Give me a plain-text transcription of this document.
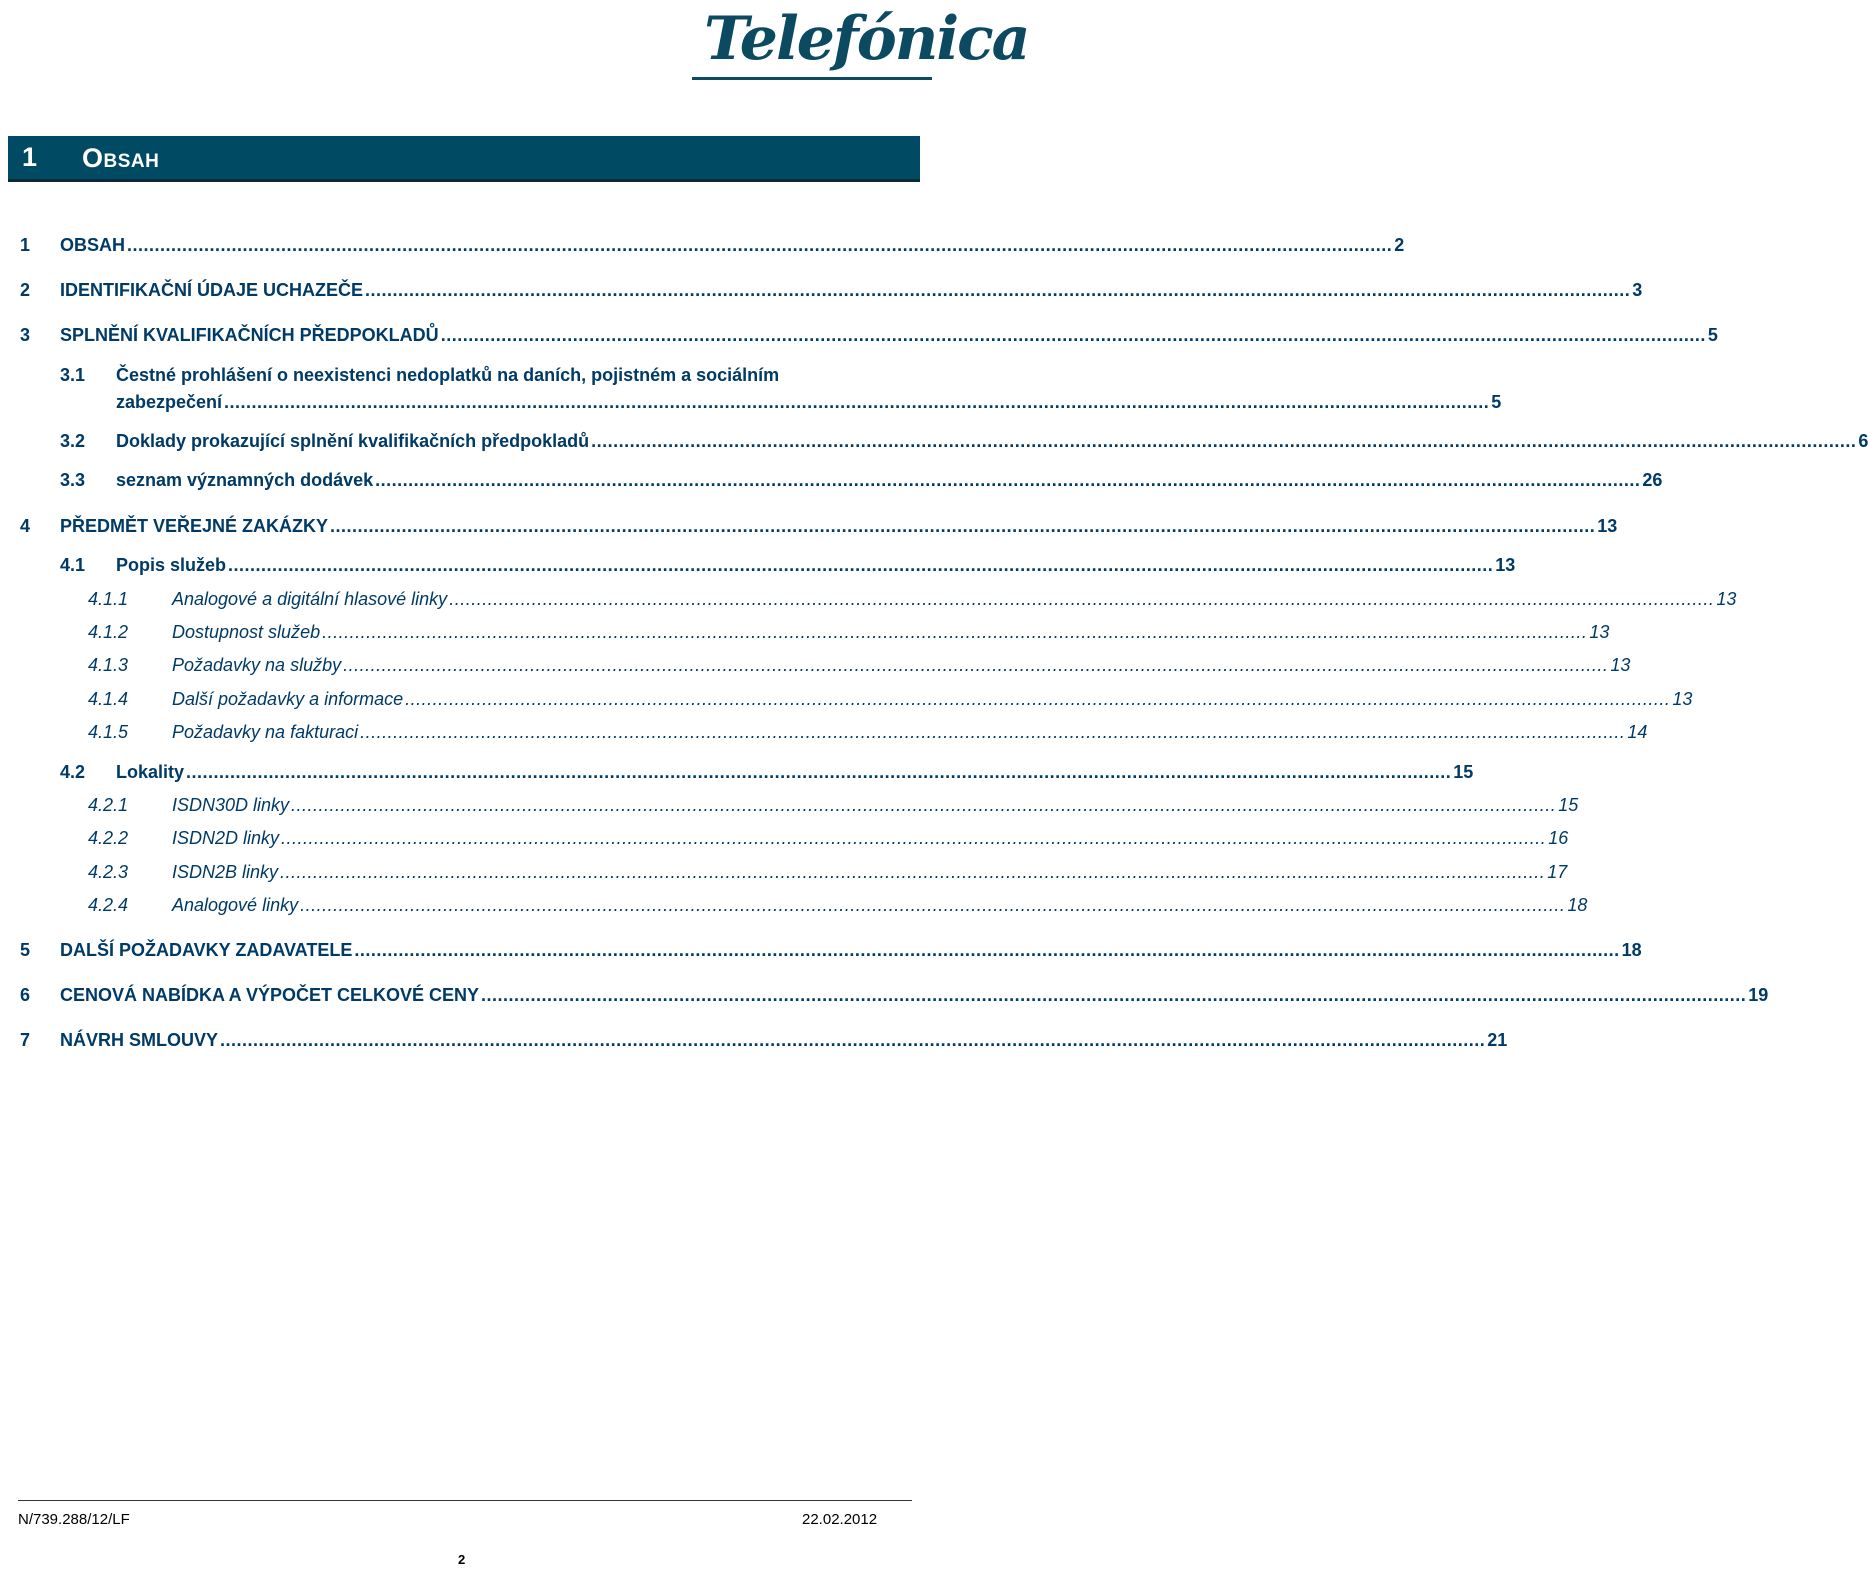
Telefónica
1 Obsah
1 OBSAH .....	2
2 IDENTIFIKAČNÍ ÚDAJE UCHAZEČE .....	3
3 SPLNĚNÍ KVALIFIKAČNÍCH PŘEDPOKLADŮ .....	5
3.1 Čestné prohlášení o neexistenci nedoplatků na daních, pojistném a sociálním
zabezpečení .....	5
3.2 Doklady prokazující splnění kvalifikačních předpokladů .....	6
3.3 seznam významných dodávek .....	26
4 PŘEDMĚT VEŘEJNÉ ZAKÁZKY .....	13
4.1 Popis služeb .....	13
4.1.1 Analogové a digitální hlasové linky .....	13
4.1.2 Dostupnost služeb .....	13
4.1.3 Požadavky na služby .....	13
4.1.4 Další požadavky a informace .....	13
4.1.5 Požadavky na fakturaci .....	14
4.2 Lokality .....	15
4.2.1 ISDN30D linky .....	15
4.2.2 ISDN2D linky .....	16
4.2.3 ISDN2B linky .....	17
4.2.4 Analogové linky .....	18
5 DALŠÍ POŽADAVKY ZADAVATELE .....	18
6 CENOVÁ NABÍDKA A VÝPOČET CELKOVÉ CENY .....	19
7 NÁVRH SMLOUVY .....	21
N/739.288/12/LF	22.02.2012
2
